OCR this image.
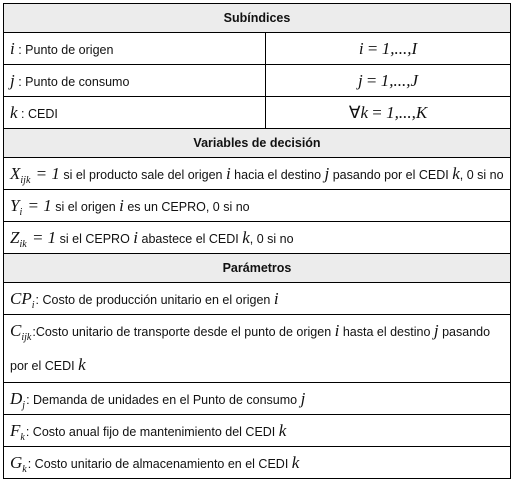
Subíndices	
i : Punto de origen	i = 1,...,I
j : Punto de consumo	j = 1,...,J
k : CEDI	∀k = 1,...,K
Variables de decisión	
$X_{ijk} = 1$ si el producto sale del origen i hacia el destino j pasando por el CEDI k, 0 si no	
$Y_i = 1$ si el origen i es un CEPRO, 0 si no	
$Z_{ik} = 1$ si el CEPRO i abastece el CEDI k, 0 si no	
Parámetros	
$CP_i$: Costo de producción unitario en el origen i	
$C_{ijk}:Costo$ unitario de transporte desde el punto de origen i hasta el destino j pasando por el CEDI k	
$D_j$: Demanda de unidades en el Punto de consumo j	
$F_k$: Costo anual fijo de mantenimiento del CEDI k	
$G_k$: Costo unitario de almacenamiento en el CEDI k	
